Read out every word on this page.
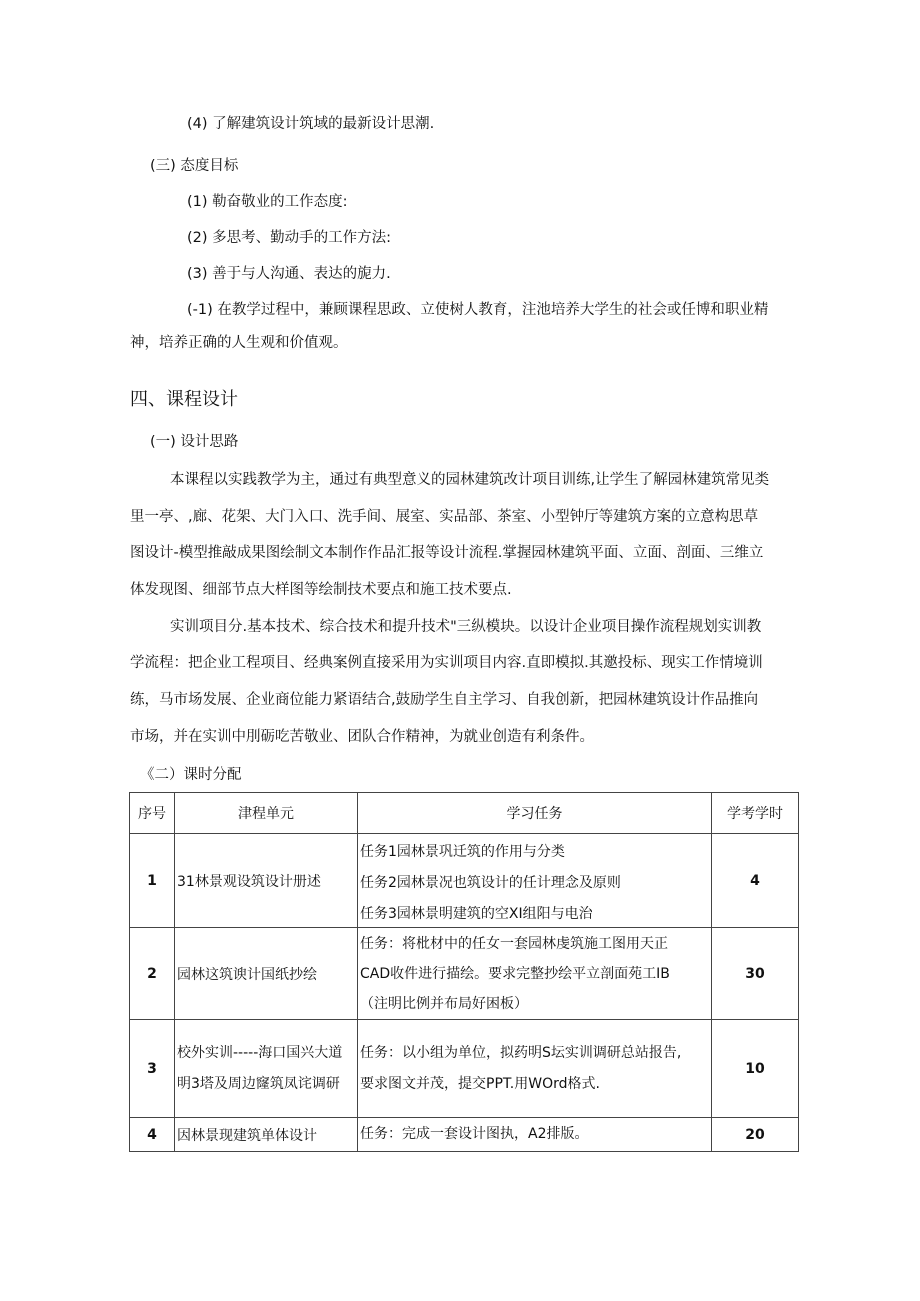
(4) 了解建筑设计筑域的最新设计思潮.
(三) 态度目标
(1) 勒奋敬业的工作态度:
(2) 多思考、勤动手的工作方法:
(3) 善于与人沟通、表达的旎力.
(-1) 在教学过程中，兼顾课程思政、立使树人教育，注池培养大学生的社会或任博和职业精
神，培养正确的人生观和价值观。
四、课程设计
(一) 设计思路
本课程以实践教学为主，通过有典型意义的园林建筑改计项目训练,让学生了解园林建筑常见类
里一亭、,廊、花架、大门入口、洗手间、展室、实品部、茶室、小型钟厅等建筑方案的立意构思草
图设计-模型推敲成果图绘制文本制作作品汇报等设计流程.掌握园林建筑平面、立面、剖面、三维立
体发现图、细部节点大样图等绘制技术要点和施工技术要点.
实训项目分.基本技术、综合技术和提升技术"三纵模块。以设计企业项目操作流程规划实训教
学流程：把企业工程项目、经典案例直接采用为实训项目内容.直即模拟.其邀投标、现实工作情境训
练，马市场发展、企业商位能力紧语结合,鼓励学生自主学习、自我创新，把园林建筑设计作品推向
市场，并在实训中刖砺吃苦敬业、团队合作精神，为就业创造有利条件。
《二）课时分配
序号	津程单元	学习任务	学考学时
1	31林景观设筑设计册述	任务1园林景巩迁筑的作用与分类
任务2园林景况也筑设计的任计理念及原则
任务3园林景明建筑的空XI组阳与电治	4
2	园林这筑谀计国纸抄绘	任务：将枇材中的任女一套园林虔筑施工图用天正
CAD收件进行描绘。要求完整抄绘平立剖面苑工IB
（注明比例并布局好困板）	30
3	校外实训-----海口国兴大道明3塔及周边窿筑凤诧调研	任务：以小组为单位，拟药明S坛实训调研总站报告,
要求图文并茂，提交PPT.用WOrd格式.	10
4	因林景现建筑单体设计	任务：完成一套设计图执，A2排版。	20
